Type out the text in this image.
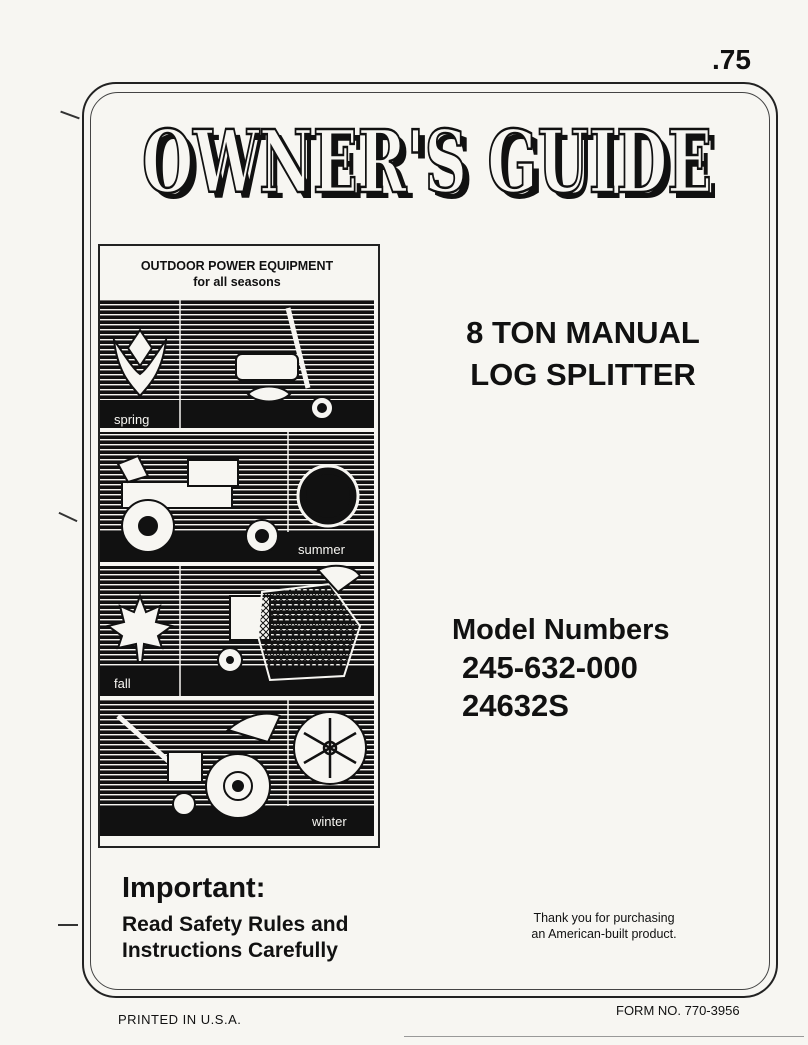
.75
OWNER'S GUIDE
OWNER'S GUIDE
OUTDOOR POWER EQUIPMENT
for all seasons
spring
summer
fall
winter
8 TON MANUAL
LOG SPLITTER
Model Numbers
245-632-000
24632S
Important:
Read Safety Rules and
Instructions Carefully
Thank you for purchasing
an American-built product.
PRINTED IN U.S.A.
FORM NO. 770-3956
